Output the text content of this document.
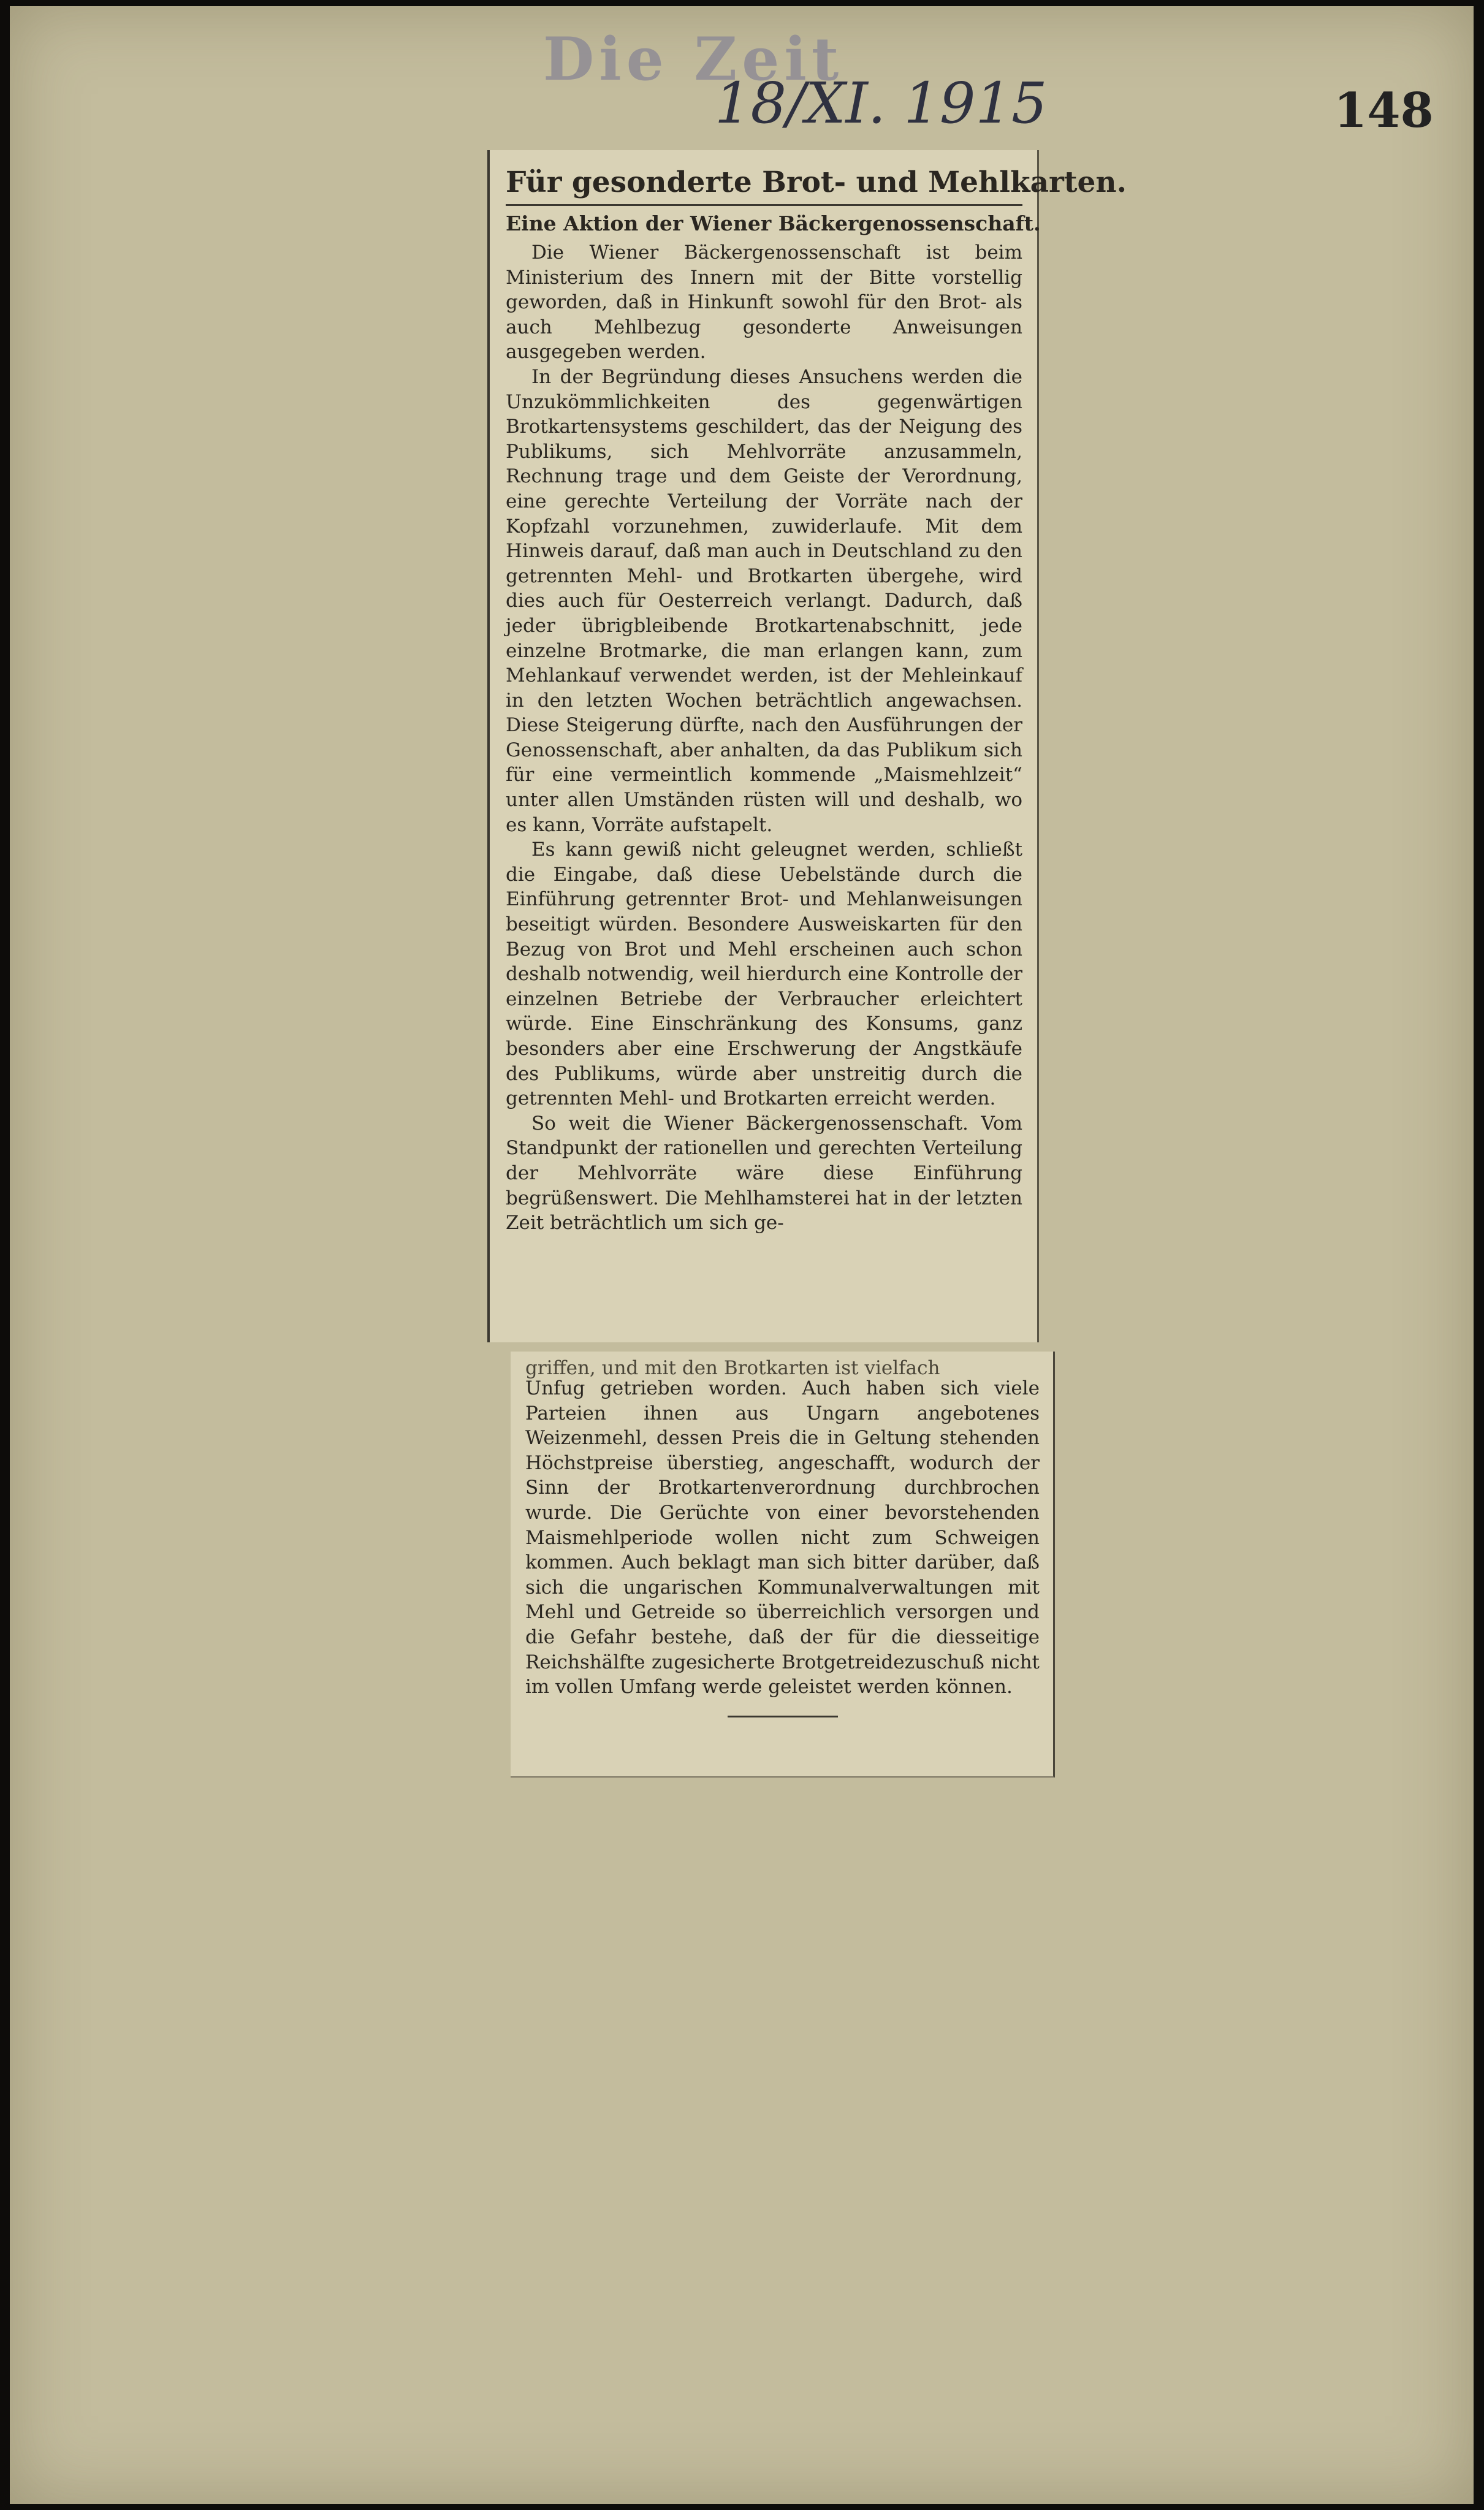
Die Zeit
18/XI. 1915	148
Für gesonderte Brot- und Mehlkarten.
Eine Aktion der Wiener Bäckergenossenschaft.

Die Wiener Bäckergenossenschaft ist beim Ministerium des Innern mit der Bitte vorstellig geworden, daß in Hinkunft sowohl für den Brot- als auch Mehlbezug gesonderte Anweisungen ausgegeben werden.

In der Begründung dieses Ansuchens werden die Unzukömmlichkeiten des gegenwärtigen Brotkartensystems geschildert, das der Neigung des Publikums, sich Mehlvorräte anzusammeln, Rechnung trage und dem Geiste der Verordnung, eine gerechte Verteilung der Vorräte nach der Kopfzahl vorzunehmen, zuwiderlaufe. Mit dem Hinweis darauf, daß man auch in Deutschland zu den getrennten Mehl- und Brotkarten übergehe, wird dies auch für Oesterreich verlangt. Dadurch, daß jeder übrigbleibende Brotkartenabschnitt, jede einzelne Brotmarke, die man erlangen kann, zum Mehlankauf verwendet werden, ist der Mehleinkauf in den letzten Wochen beträchtlich angewachsen. Diese Steigerung dürfte, nach den Ausführungen der Genossenschaft, aber anhalten, da das Publikum sich für eine vermeintlich kommende „Maismehlzeit“ unter allen Umständen rüsten will und deshalb, wo es kann, Vorräte aufstapelt.

Es kann gewiß nicht geleugnet werden, schließt die Eingabe, daß diese Uebelstände durch die Einführung getrennter Brot- und Mehlanweisungen beseitigt würden. Besondere Ausweiskarten für den Bezug von Brot und Mehl erscheinen auch schon deshalb notwendig, weil hierdurch eine Kontrolle der einzelnen Betriebe der Verbraucher erleichtert würde. Eine Einschränkung des Konsums, ganz besonders aber eine Erschwerung der Angstkäufe des Publikums, würde aber unstreitig durch die getrennten Mehl- und Brotkarten erreicht werden.

So weit die Wiener Bäckergenossenschaft. Vom Standpunkt der rationellen und gerechten Verteilung der Mehlvorräte wäre diese Einführung begrüßenswert. Die Mehlhamsterei hat in der letzten Zeit beträchtlich um sich ge-

griffen, und mit den Brotkarten ist vielfach

Unfug getrieben worden. Auch haben sich viele Parteien ihnen aus Ungarn angebotenes Weizenmehl, dessen Preis die in Geltung stehenden Höchstpreise überstieg, angeschafft, wodurch der Sinn der Brotkartenverordnung durchbrochen wurde. Die Gerüchte von einer bevorstehenden Maismehlperiode wollen nicht zum Schweigen kommen. Auch beklagt man sich bitter darüber, daß sich die ungarischen Kommunalverwaltungen mit Mehl und Getreide so überreichlich versorgen und die Gefahr bestehe, daß der für die diesseitige Reichshälfte zugesicherte Brotgetreidezuschuß nicht im vollen Umfang werde geleistet werden können.
